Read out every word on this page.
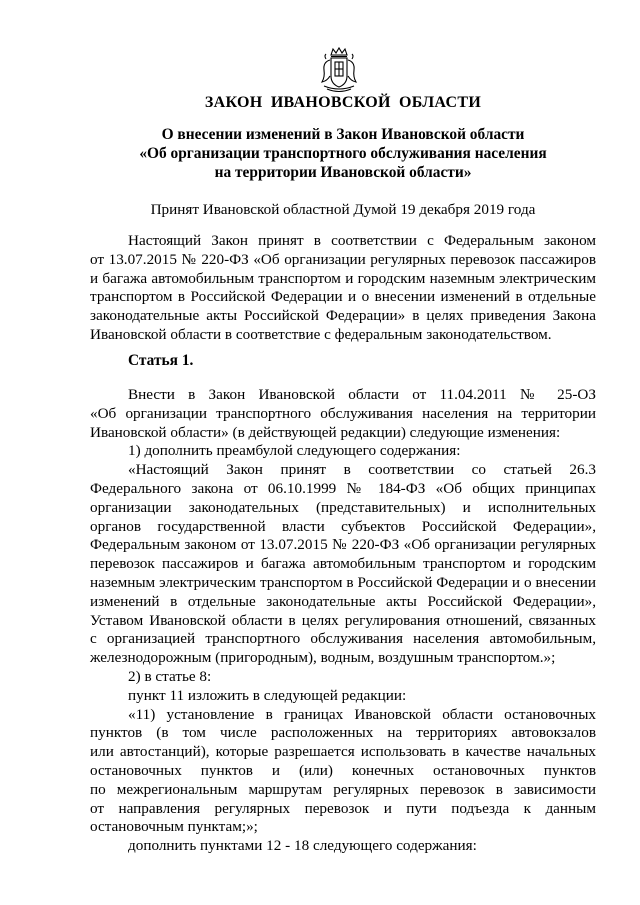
ЗАКОН ИВАНОВСКОЙ ОБЛАСТИ
О внесении изменений в Закон Ивановской области
«Об организации транспортного обслуживания населения
на территории Ивановской области»
Принят Ивановской областной Думой 19 декабря 2019 года
Настоящий Закон принят в соответствии с Федеральным законом
от 13.07.2015 № 220-ФЗ «Об организации регулярных перевозок пассажиров
и багажа автомобильным транспортом и городским наземным электрическим
транспортом в Российской Федерации и о внесении изменений в отдельные
законодательные акты Российской Федерации» в целях приведения Закона
Ивановской области в соответствие с федеральным законодательством.
Статья 1.
Внести в Закон Ивановской области от 11.04.2011 № 25-ОЗ
«Об организации транспортного обслуживания населения на территории
Ивановской области» (в действующей редакции) следующие изменения:
1) дополнить преамбулой следующего содержания:
«Настоящий Закон принят в соответствии со статьей 26.3
Федерального закона от 06.10.1999 № 184-ФЗ «Об общих принципах
организации законодательных (представительных) и исполнительных
органов государственной власти субъектов Российской Федерации»,
Федеральным законом от 13.07.2015 № 220-ФЗ «Об организации регулярных
перевозок пассажиров и багажа автомобильным транспортом и городским
наземным электрическим транспортом в Российской Федерации и о внесении
изменений в отдельные законодательные акты Российской Федерации»,
Уставом Ивановской области в целях регулирования отношений, связанных
с организацией транспортного обслуживания населения автомобильным,
железнодорожным (пригородным), водным, воздушным транспортом.»;
2) в статье 8:
пункт 11 изложить в следующей редакции:
«11) установление в границах Ивановской области остановочных
пунктов (в том числе расположенных на территориях автовокзалов
или автостанций), которые разрешается использовать в качестве начальных
остановочных пунктов и (или) конечных остановочных пунктов
по межрегиональным маршрутам регулярных перевозок в зависимости
от направления регулярных перевозок и пути подъезда к данным
остановочным пунктам;»;
дополнить пунктами 12 - 18 следующего содержания:
